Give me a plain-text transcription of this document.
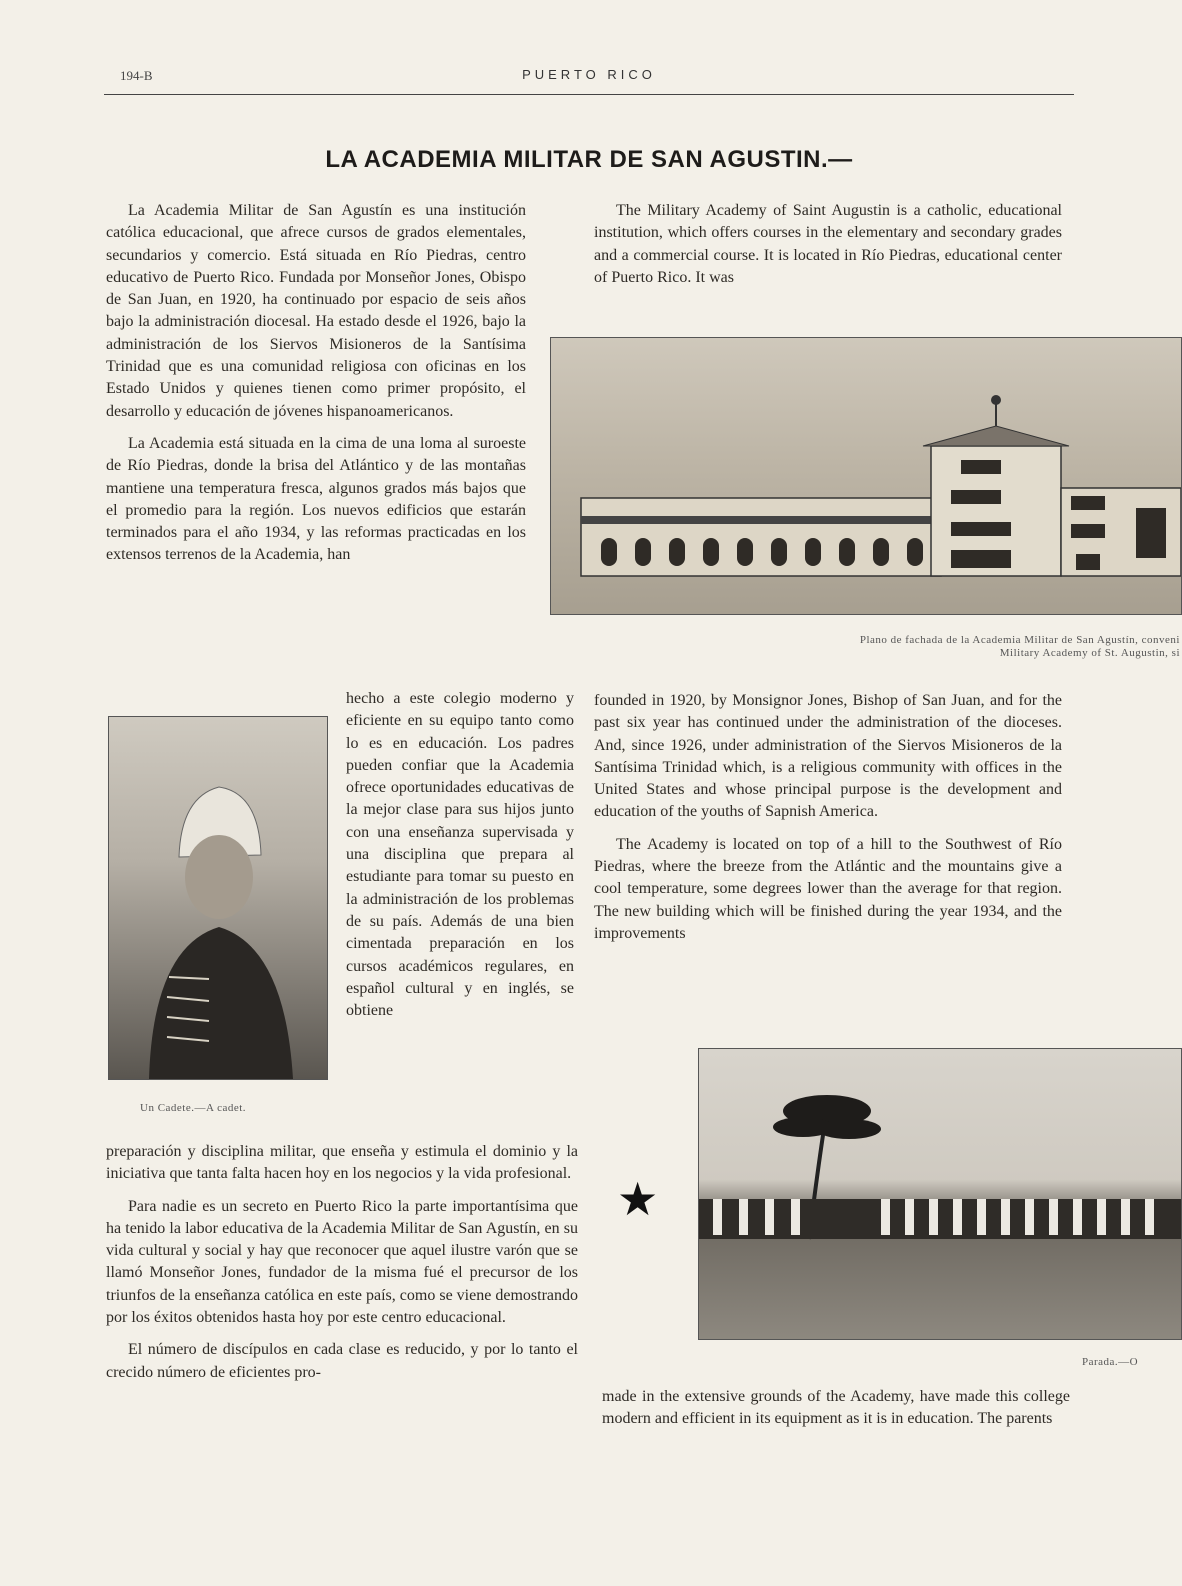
194-B	PUERTO RICO
LA ACADEMIA MILITAR DE SAN AGUSTIN.—

La Academia Militar de San Agustín es una institución católica educacional, que afrece cursos de grados elementales, secundarios y comercio. Está situada en Río Piedras, centro educativo de Puerto Rico. Fundada por Monseñor Jones, Obispo de San Juan, en 1920, ha continuado por espacio de seis años bajo la administración diocesal. Ha estado desde el 1926, bajo la administración de los Siervos Misioneros de la Santísima Trinidad que es una comunidad religiosa con oficinas en los Estado Unidos y quienes tienen como primer propósito, el desarrollo y educación de jóvenes hispanoamericanos.

La Academia está situada en la cima de una loma al suroeste de Río Piedras, donde la brisa del Atlántico y de las montañas mantiene una temperatura fresca, algunos grados más bajos que el promedio para la región. Los nuevos edificios que estarán terminados para el año 1934, y las reformas practicadas en los extensos terrenos de la Academia, han

Plano de fachada de la Academia Militar de San Agustín, conveni
Military Academy of St. Augustin, si
Un Cadete.—A cadet.

hecho a este colegio moderno y eficiente en su equipo tanto como lo es en educación. Los padres pueden confiar que la Academia ofrece oportunidades educativas de la mejor clase para sus hijos junto con una enseñanza supervisada y una disciplina que prepara al estudiante para tomar su puesto en la administración de los problemas de su país. Además de una bien cimentada preparación en los cursos académicos regulares, en español cultural y en inglés, se obtiene

preparación y disciplina militar, que enseña y estimula el dominio y la iniciativa que tanta falta hacen hoy en los negocios y la vida profesional.

Para nadie es un secreto en Puerto Rico la parte importantísima que ha tenido la labor educativa de la Academia Militar de San Agustín, en su vida cultural y social y hay que reconocer que aquel ilustre varón que se llamó Monseñor Jones, fundador de la misma fué el precursor de los triunfos de la enseñanza católica en este país, como se viene demostrando por los éxitos obtenidos hasta hoy por este centro educacional.

El número de discípulos en cada clase es reducido, y por lo tanto el crecido número de eficientes pro-

The Military Academy of Saint Augustin is a catholic, educational institution, which offers courses in the elementary and secondary grades and a commercial course. It is located in Río Piedras, educational center of Puerto Rico. It was

founded in 1920, by Monsignor Jones, Bishop of San Juan, and for the past six year has continued under the administration of the dioceses. And, since 1926, under administration of the Siervos Misioneros de la Santísima Trinidad which, is a religious community with offices in the United States and whose principal purpose is the development and education of the youths of Sapnish America.

The Academy is located on top of a hill to the Southwest of Río Piedras, where the breeze from the Atlántic and the mountains give a cool temperature, some degrees lower than the average for that region. The new building which will be finished during the year 1934, and the improvements

★
Parada.—O

made in the extensive grounds of the Academy, have made this college modern and efficient in its equipment as it is in education. The parents
